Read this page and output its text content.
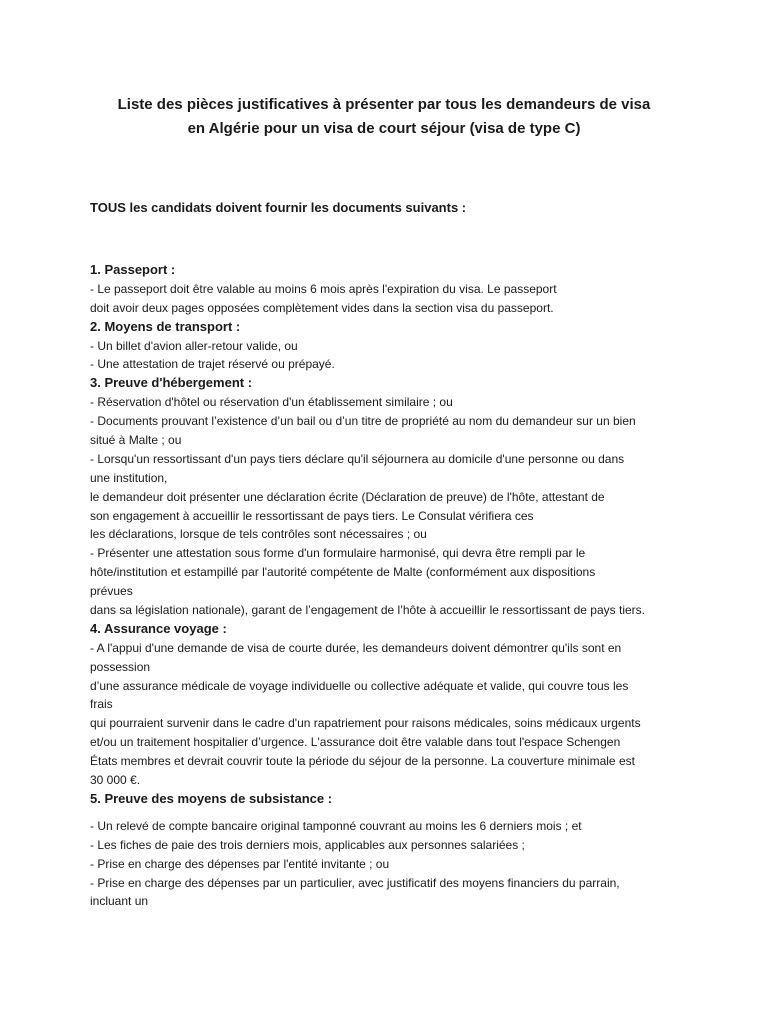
Liste des pièces justificatives à présenter par tous les demandeurs de visa
en Algérie pour un visa de court séjour (visa de type C)
TOUS les candidats doivent fournir les documents suivants :
1. Passeport :
- Le passeport doit être valable au moins 6 mois après l'expiration du visa. Le passeport
doit avoir deux pages opposées complètement vides dans la section visa du passeport.
2. Moyens de transport :
- Un billet d'avion aller-retour valide, ou
- Une attestation de trajet réservé ou prépayé.
3. Preuve d'hébergement :
- Réservation d'hôtel ou réservation d'un établissement similaire ; ou
- Documents prouvant l’existence d’un bail ou d’un titre de propriété au nom du demandeur sur un bien
situé à Malte ; ou
- Lorsqu'un ressortissant d'un pays tiers déclare qu'il séjournera au domicile d'une personne ou dans
une institution,
le demandeur doit présenter une déclaration écrite (Déclaration de preuve) de l'hôte, attestant de
son engagement à accueillir le ressortissant de pays tiers. Le Consulat vérifiera ces
les déclarations, lorsque de tels contrôles sont nécessaires ; ou
- Présenter une attestation sous forme d'un formulaire harmonisé, qui devra être rempli par le
hôte/institution et estampillé par l'autorité compétente de Malte (conformément aux dispositions
prévues
dans sa législation nationale), garant de l’engagement de l’hôte à accueillir le ressortissant de pays tiers.
4. Assurance voyage :
- A l'appui d'une demande de visa de courte durée, les demandeurs doivent démontrer qu'ils sont en
possession
d’une assurance médicale de voyage individuelle ou collective adéquate et valide, qui couvre tous les
frais
qui pourraient survenir dans le cadre d'un rapatriement pour raisons médicales, soins médicaux urgents
et/ou un traitement hospitalier d’urgence. L'assurance doit être valable dans tout l'espace Schengen
États membres et devrait couvrir toute la période du séjour de la personne. La couverture minimale est
30 000 €.
5. Preuve des moyens de subsistance :
- Un relevé de compte bancaire original tamponné couvrant au moins les 6 derniers mois ; et
- Les fiches de paie des trois derniers mois, applicables aux personnes salariées ;
- Prise en charge des dépenses par l'entité invitante ; ou
- Prise en charge des dépenses par un particulier, avec justificatif des moyens financiers du parrain,
incluant un
